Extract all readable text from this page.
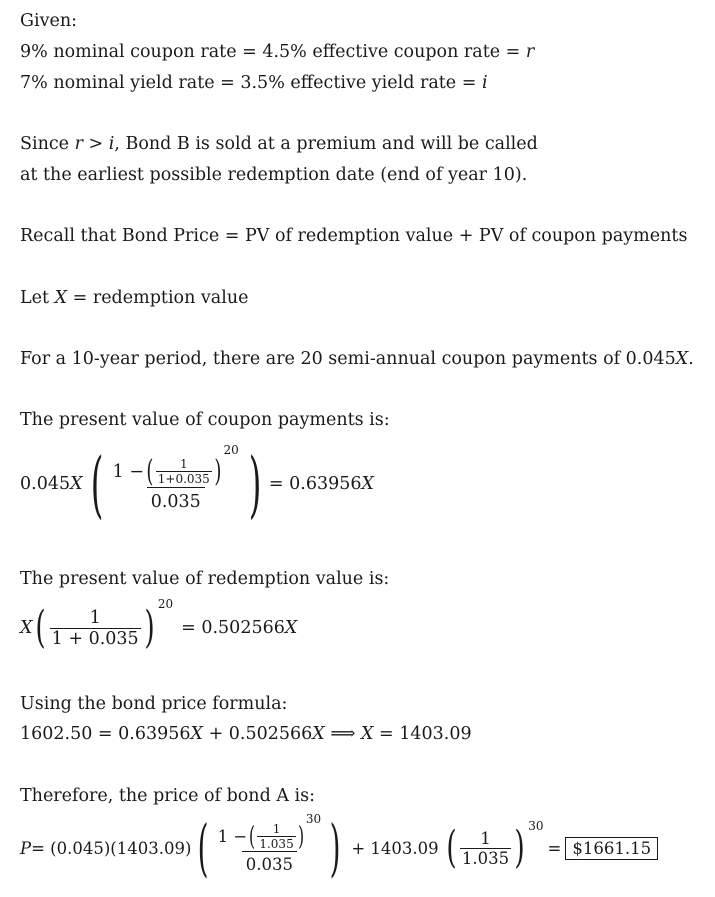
Given:
9% nominal coupon rate = 4.5% effective coupon rate = r
7% nominal yield rate = 3.5% effective yield rate = i
Since r > i, Bond B is sold at a premium and will be called
at the earliest possible redemption date (end of year 10).
Recall that Bond Price = PV of redemption value + PV of coupon payments
Let X = redemption value
For a 10-year period, there are 20 semi-annual coupon payments of 0.045X.
The present value of coupon payments is:
0.045 X ( 1 − ( $\frac{1}{1+0.035}$ )
20
0.035 ) = 0.63956 X
The present value of redemption value is:
X ( $\frac{1}{1 + 0.035}$ ) 20
= 0.502566 X
Using the bond price formula:
1602.50 = 0.63956X + 0.502566X ⟹ X = 1403.09
Therefore, the price of bond A is:
P = (0.045)(1403.09) ( 1 − ( $\frac{1}{1.035}$ )
30
0.035 ) + 1403.09 ( $\frac{1}{1.035}$ ) 30
= $1661.15
